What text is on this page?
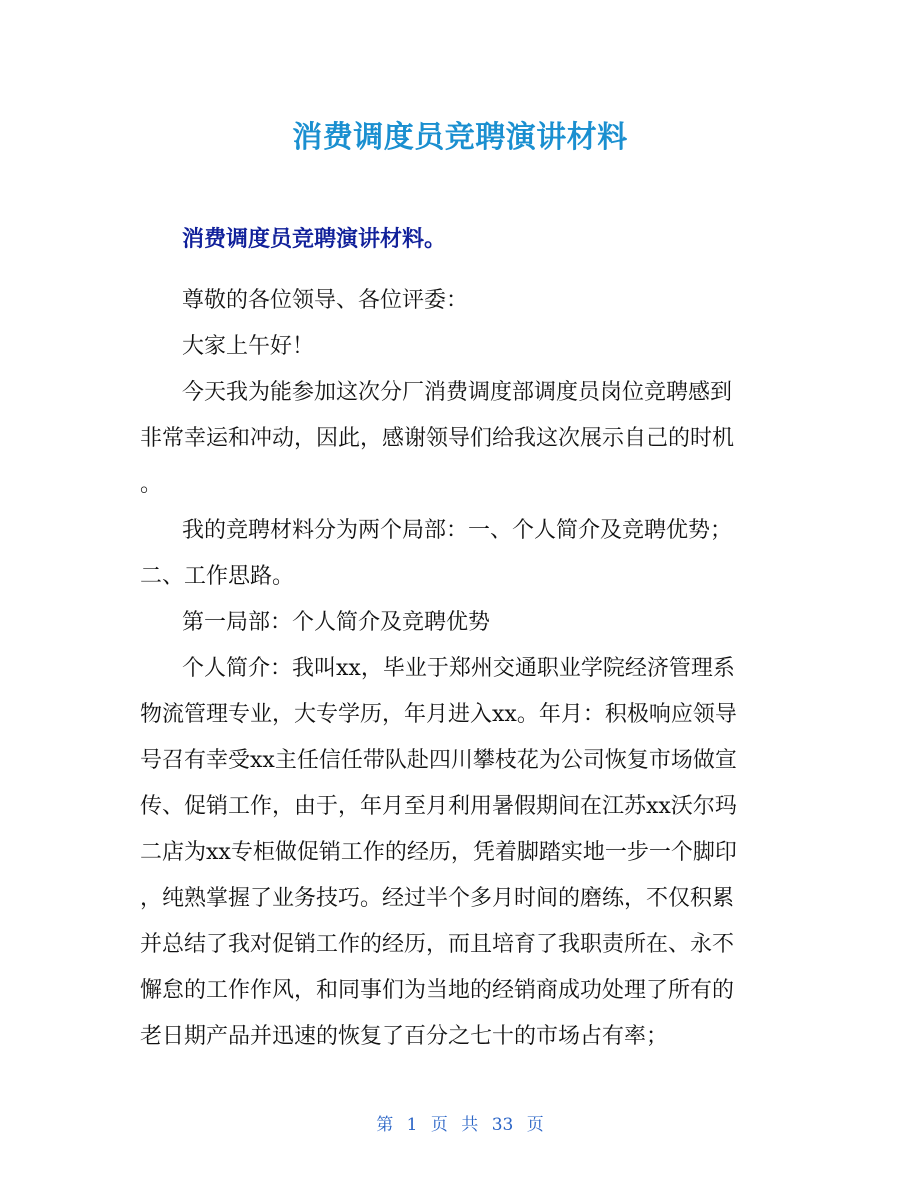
消费调度员竞聘演讲材料
消费调度员竞聘演讲材料。

尊敬的各位领导、各位评委：

大家上午好！

今天我为能参加这次分厂消费调度部调度员岗位竞聘感到
非常幸运和冲动，因此，感谢领导们给我这次展示自己的时机
。

我的竞聘材料分为两个局部：一、个人简介及竞聘优势；
二、工作思路。

第一局部：个人简介及竞聘优势

个人简介：我叫xx，毕业于郑州交通职业学院经济管理系
物流管理专业，大专学历，年月进入xx。年月：积极响应领导
号召有幸受xx主任信任带队赴四川攀枝花为公司恢复市场做宣
传、促销工作，由于，年月至月利用暑假期间在江苏xx沃尔玛
二店为xx专柜做促销工作的经历，凭着脚踏实地一步一个脚印
，纯熟掌握了业务技巧。经过半个多月时间的磨练，不仅积累
并总结了我对促销工作的经历，而且培育了我职责所在、永不
懈怠的工作作风，和同事们为当地的经销商成功处理了所有的
老日期产品并迅速的恢复了百分之七十的市场占有率；

第 1 页 共 33 页
